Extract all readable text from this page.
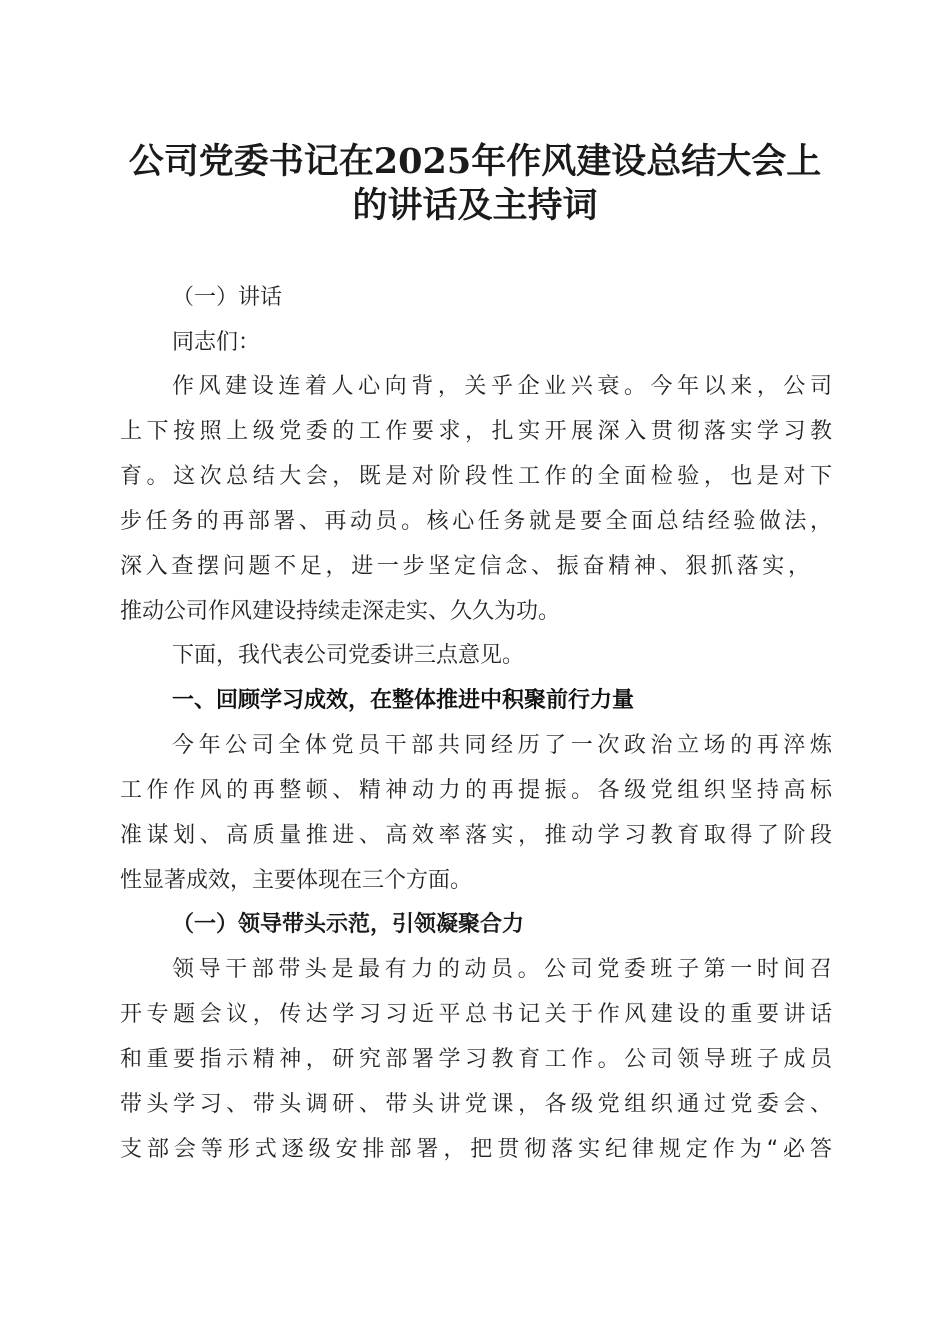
公司党委书记在2025年作风建设总结大会上
的讲话及主持词
（一）讲话
同志们：
作风建设连着人心向背，关乎企业兴衰。今年以来，公司
上下按照上级党委的工作要求，扎实开展深入贯彻落实学习教
育。这次总结大会，既是对阶段性工作的全面检验，也是对下
步任务的再部署、再动员。核心任务就是要全面总结经验做法，
深入查摆问题不足，进一步坚定信念、振奋精神、狠抓落实，
推动公司作风建设持续走深走实、久久为功。
下面，我代表公司党委讲三点意见。
一、回顾学习成效，在整体推进中积聚前行力量
今年公司全体党员干部共同经历了一次政治立场的再淬炼
工作作风的再整顿、精神动力的再提振。各级党组织坚持高标
准谋划、高质量推进、高效率落实，推动学习教育取得了阶段
性显著成效，主要体现在三个方面。
（一）领导带头示范，引领凝聚合力
领导干部带头是最有力的动员。公司党委班子第一时间召
开专题会议，传达学习习近平总书记关于作风建设的重要讲话
和重要指示精神，研究部署学习教育工作。公司领导班子成员
带头学习、带头调研、带头讲党课，各级党组织通过党委会、
支部会等形式逐级安排部署，把贯彻落实纪律规定作为“必答
